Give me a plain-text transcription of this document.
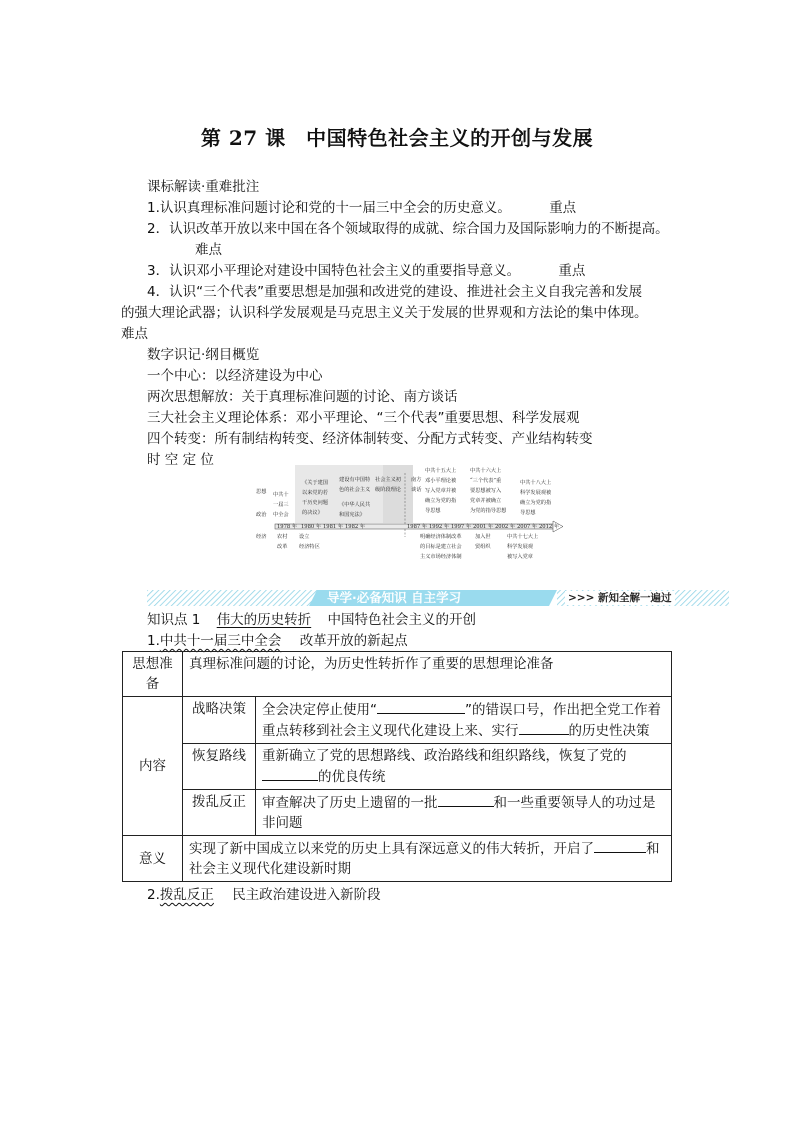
第 27 课　中国特色社会主义的开创与发展
课标解读·重难批注
1.认识真理标准问题讨论和党的十一届三中全会的历史意义。	重点
2．认识改革开放以来中国在各个领域取得的成就、综合国力及国际影响力的不断提高。
难点
3．认识邓小平理论对建设中国特色社会主义的重要指导意义。	重点
4．认识“三个代表”重要思想是加强和改进党的建设、推进社会主义自我完善和发展
的强大理论武器；认识科学发展观是马克思主义关于发展的世界观和方法论的集中体现。
难点
数字识记·纲目概览
一个中心：以经济建设为中心
两次思想解放：关于真理标准问题的讨论、南方谈话
三大社会主义理论体系：邓小平理论、“三个代表”重要思想、科学发展观
四个转变：所有制结构转变、经济体制转变、分配方式转变、产业结构转变
时 空 定 位
思想
政治
经济
中共十
一届三
中全会
《关于建国
以来党的若
干历史问题
的决议》
建设有中国特
色的社会主义
《中华人民共
和国宪法》
社会主义初
级阶段理论
南方
谈话
中共十五大上
邓小平理论被
写入党章并被
确立为党的指
导思想
中共十六大上
“三个代表”重
要思想被写入
党章并被确立
为党的指导思想
中共十八大上
科学发展观被
确立为党的指
导思想
1978 年 1980 年 1981 年 1982 年	1987 年 1992 年 1997 年 2001 年 2002 年 2007 年 2012 年
农村
改革
设立
经济特区
明确经济体制改革
的目标是建立社会
主义市场经济体制
加入世
贸组织
中共十七大上
科学发展观
被写入党章
导学·必备知识 自主学习	>>> 新知全解一遍过
知识点 1 伟大的历史转折 中国特色社会主义的开创
1.中共十一届三中全会 改革开放的新起点
思想准备	真理标准问题的讨论，为历史性转折作了重要的思想理论准备	
内容	战略决策	全会决定停止使用“ ”的错误口号，作出把全党工作着重点转移到社会主义现代化建设上来、实行 的历史性决策
	恢复路线	重新确立了党的思想路线、政治路线和组织路线，恢复了党的
的优良传统
	拨乱反正	审查解决了历史上遗留的一批 和一些重要领导人的功过是非问题
意义	实现了新中国成立以来党的历史上具有深远意义的伟大转折，开启了 和社会主义现代化建设新时期	
2.拨乱反正 民主政治建设进入新阶段
